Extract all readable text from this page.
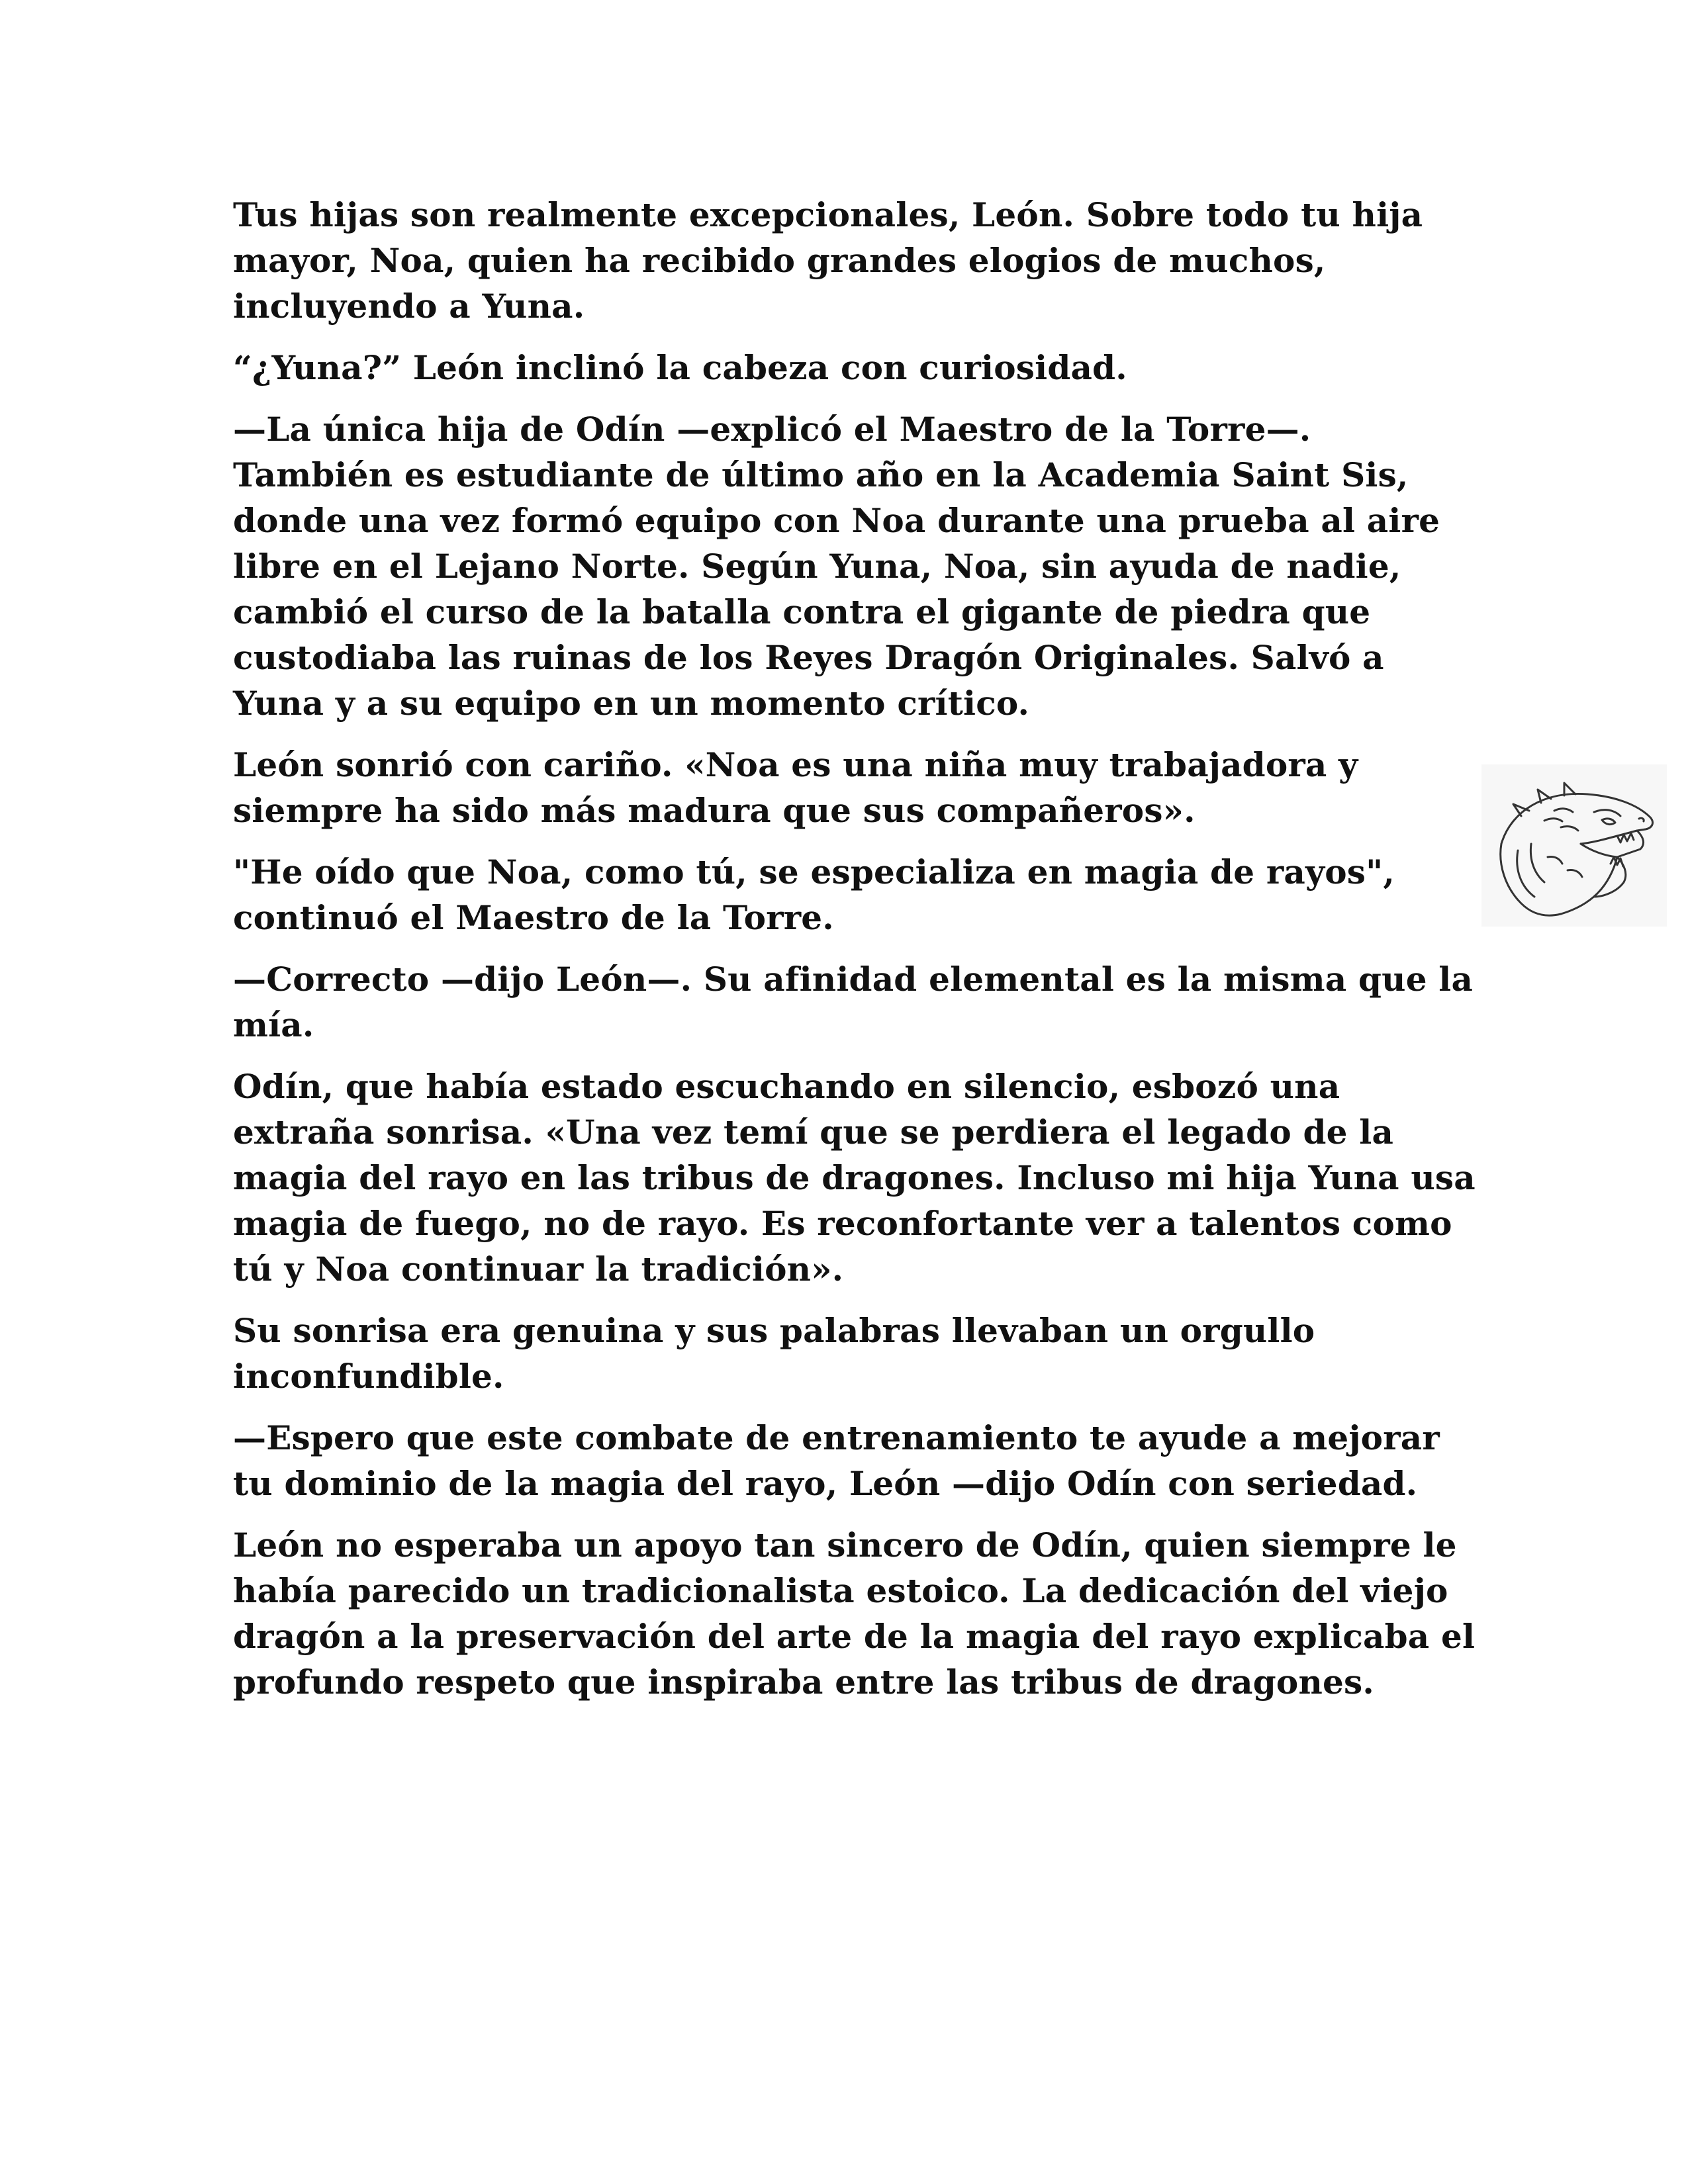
Tus hijas son realmente excepcionales, León. Sobre todo tu hija mayor, Noa, quien ha recibido grandes elogios de muchos, incluyendo a Yuna.

“¿Yuna?” León inclinó la cabeza con curiosidad.

—La única hija de Odín —explicó el Maestro de la Torre—. También es estudiante de último año en la Academia Saint Sis, donde una vez formó equipo con Noa durante una prueba al aire libre en el Lejano Norte. Según Yuna, Noa, sin ayuda de nadie, cambió el curso de la batalla contra el gigante de piedra que custodiaba las ruinas de los Reyes Dragón Originales. Salvó a Yuna y a su equipo en un momento crítico.

León sonrió con cariño. «Noa es una niña muy trabajadora y siempre ha sido más madura que sus compañeros».

"He oído que Noa, como tú, se especializa en magia de rayos", continuó el Maestro de la Torre.

—Correcto —dijo León—. Su afinidad elemental es la misma que la mía.

Odín, que había estado escuchando en silencio, esbozó una extraña sonrisa. «Una vez temí que se perdiera el legado de la magia del rayo en las tribus de dragones. Incluso mi hija Yuna usa magia de fuego, no de rayo. Es reconfortante ver a talentos como tú y Noa continuar la tradición».

Su sonrisa era genuina y sus palabras llevaban un orgullo inconfundible.

—Espero que este combate de entrenamiento te ayude a mejorar tu dominio de la magia del rayo, León —dijo Odín con seriedad.

León no esperaba un apoyo tan sincero de Odín, quien siempre le había parecido un tradicionalista estoico. La dedicación del viejo dragón a la preservación del arte de la magia del rayo explicaba el profundo respeto que inspiraba entre las tribus de dragones.
